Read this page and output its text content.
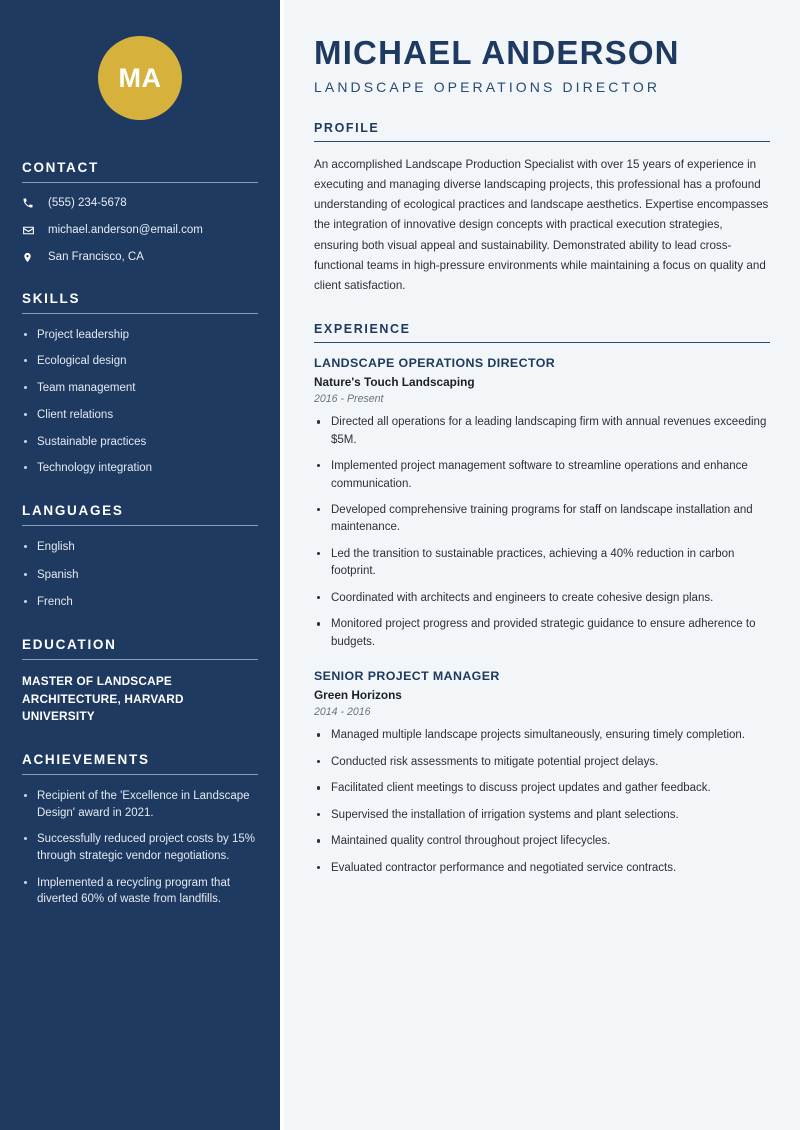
MA
CONTACT
(555) 234-5678
michael.anderson@email.com
San Francisco, CA
SKILLS
Project leadership
Ecological design
Team management
Client relations
Sustainable practices
Technology integration
LANGUAGES
English
Spanish
French
EDUCATION
MASTER OF LANDSCAPE ARCHITECTURE, HARVARD UNIVERSITY
ACHIEVEMENTS
Recipient of the 'Excellence in Landscape Design' award in 2021.
Successfully reduced project costs by 15% through strategic vendor negotiations.
Implemented a recycling program that diverted 60% of waste from landfills.
MICHAEL ANDERSON
LANDSCAPE OPERATIONS DIRECTOR
PROFILE

An accomplished Landscape Production Specialist with over 15 years of experience in executing and managing diverse landscaping projects, this professional has a profound understanding of ecological practices and landscape aesthetics. Expertise encompasses the integration of innovative design concepts with practical execution strategies, ensuring both visual appeal and sustainability. Demonstrated ability to lead cross-functional teams in high-pressure environments while maintaining a focus on quality and client satisfaction.

EXPERIENCE
LANDSCAPE OPERATIONS DIRECTOR
Nature's Touch Landscaping
2016 - Present
Directed all operations for a leading landscaping firm with annual revenues exceeding $5M.
Implemented project management software to streamline operations and enhance communication.
Developed comprehensive training programs for staff on landscape installation and maintenance.
Led the transition to sustainable practices, achieving a 40% reduction in carbon footprint.
Coordinated with architects and engineers to create cohesive design plans.
Monitored project progress and provided strategic guidance to ensure adherence to budgets.
SENIOR PROJECT MANAGER
Green Horizons
2014 - 2016
Managed multiple landscape projects simultaneously, ensuring timely completion.
Conducted risk assessments to mitigate potential project delays.
Facilitated client meetings to discuss project updates and gather feedback.
Supervised the installation of irrigation systems and plant selections.
Maintained quality control throughout project lifecycles.
Evaluated contractor performance and negotiated service contracts.
